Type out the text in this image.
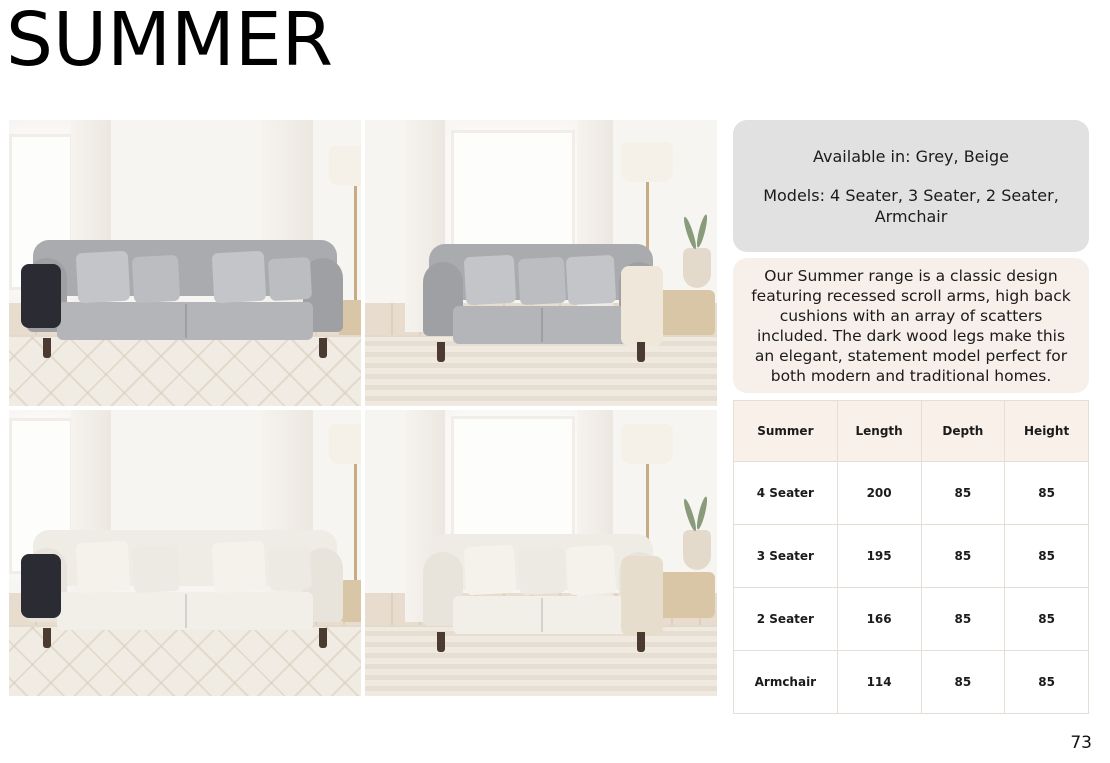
SUMMER
Available in: Grey, Beige
Models: 4 Seater, 3 Seater, 2 Seater, Armchair

Our Summer range is a classic design featuring recessed scroll arms, high back cushions with an array of scatters included. The dark wood legs make this an elegant, statement model perfect for both modern and traditional homes.

Summer	Length	Depth	Height
4 Seater	200	85	85
3 Seater	195	85	85
2 Seater	166	85	85
Armchair	114	85	85
73
